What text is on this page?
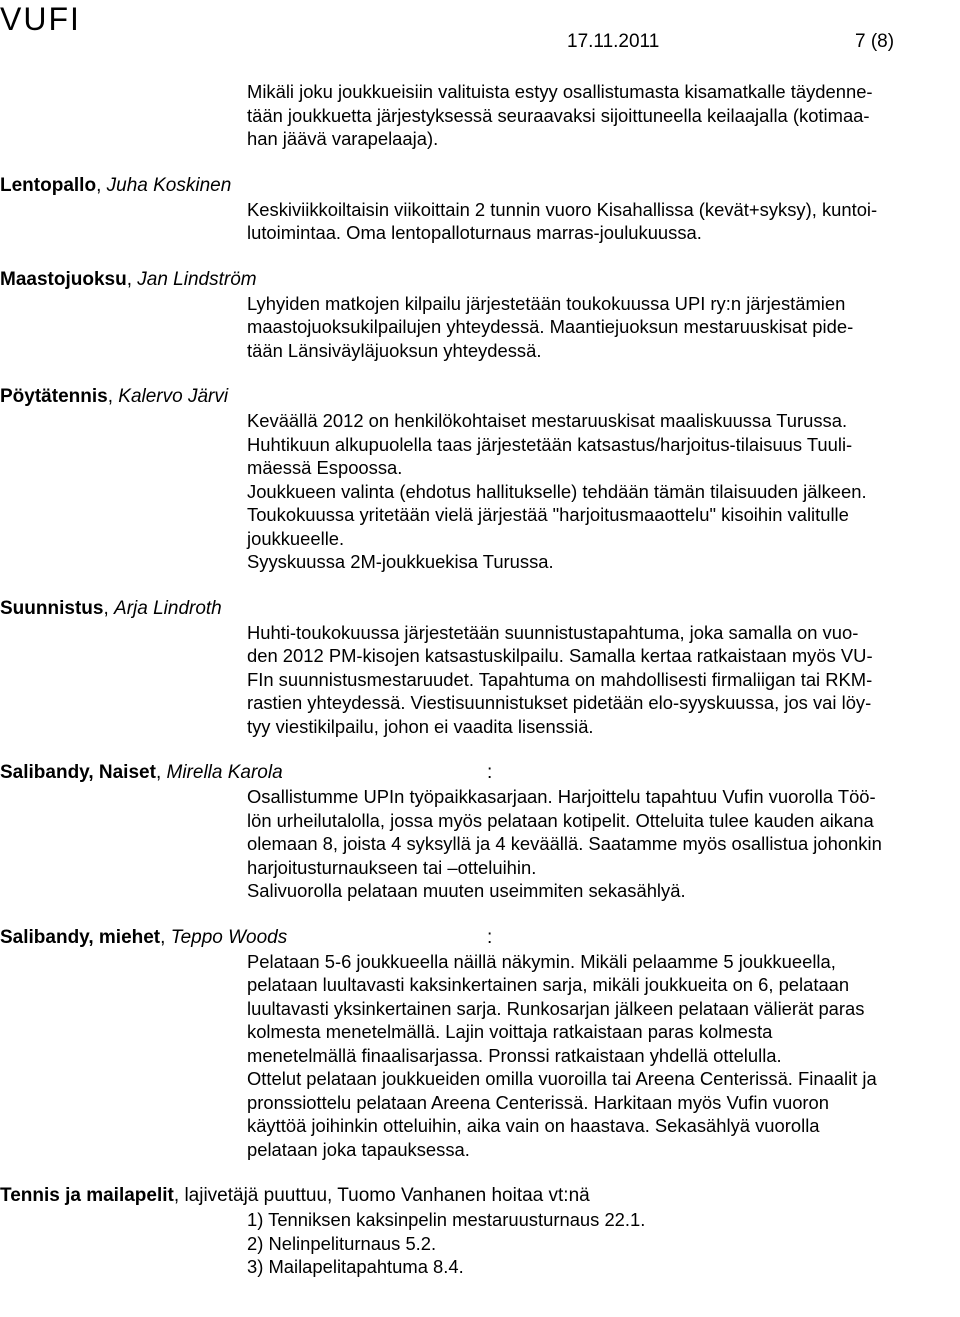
VUFI
17.11.2011	7 (8)

Mikäli joku joukkueisiin valituista estyy osallistumasta kisamatkalle täydenne-

tään joukkuetta järjestyksessä seuraavaksi sijoittuneella keilaajalla (kotimaa-

han jäävä varapelaaja).

Lentopallo, Juha Koskinen

Keskiviikkoiltaisin viikoittain 2 tunnin vuoro Kisahallissa (kevät+syksy), kuntoi-

lutoimintaa. Oma lentopalloturnaus marras-joulukuussa.

Maastojuoksu, Jan Lindström

Lyhyiden matkojen kilpailu järjestetään toukokuussa UPI ry:n järjestämien

maastojuoksukilpailujen yhteydessä. Maantiejuoksun mestaruuskisat pide-

tään Länsiväyläjuoksun yhteydessä.

Pöytätennis, Kalervo Järvi

Keväällä 2012 on henkilökohtaiset mestaruuskisat maaliskuussa Turussa.

Huhtikuun alkupuolella taas järjestetään katsastus/harjoitus-tilaisuus Tuuli-

mäessä Espoossa.

Joukkueen valinta (ehdotus hallitukselle) tehdään tämän tilaisuuden jälkeen.

Toukokuussa yritetään vielä järjestää "harjoitusmaaottelu" kisoihin valitulle

joukkueelle.

Syyskuussa 2M-joukkuekisa Turussa.

Suunnistus, Arja Lindroth

Huhti-toukokuussa järjestetään suunnistustapahtuma, joka samalla on vuo-

den 2012 PM-kisojen katsastuskilpailu. Samalla kertaa ratkaistaan myös VU-

FIn suunnistusmestaruudet. Tapahtuma on mahdollisesti firmaliigan tai RKM-

rastien yhteydessä. Viestisuunnistukset pidetään elo-syyskuussa, jos vai löy-

tyy viestikilpailu, johon ei vaadita lisenssiä.

Salibandy, Naiset, Mirella Karola	:

Osallistumme UPIn työpaikkasarjaan. Harjoittelu tapahtuu Vufin vuorolla Töö-

lön urheilutalolla, jossa myös pelataan kotipelit. Otteluita tulee kauden aikana

olemaan 8, joista 4 syksyllä ja 4 keväällä. Saatamme myös osallistua johonkin

harjoitusturnaukseen tai –otteluihin.

Salivuorolla pelataan muuten useimmiten sekasählyä.

Salibandy, miehet, Teppo Woods	:

Pelataan 5-6 joukkueella näillä näkymin. Mikäli pelaamme 5 joukkueella,

pelataan luultavasti kaksinkertainen sarja, mikäli joukkueita on 6, pelataan

luultavasti yksinkertainen sarja. Runkosarjan jälkeen pelataan välierät paras

kolmesta menetelmällä. Lajin voittaja ratkaistaan paras kolmesta

menetelmällä finaalisarjassa. Pronssi ratkaistaan yhdellä ottelulla.

Ottelut pelataan joukkueiden omilla vuoroilla tai Areena Centerissä. Finaalit ja

pronssiottelu pelataan Areena Centerissä. Harkitaan myös Vufin vuoron

käyttöä joihinkin otteluihin, aika vain on haastava. Sekasählyä vuorolla

pelataan joka tapauksessa.

Tennis ja mailapelit, lajivetäjä puuttuu, Tuomo Vanhanen hoitaa vt:nä

1) Tenniksen kaksinpelin mestaruusturnaus 22.1.

2) Nelinpeliturnaus 5.2.

3) Mailapelitapahtuma 8.4.
